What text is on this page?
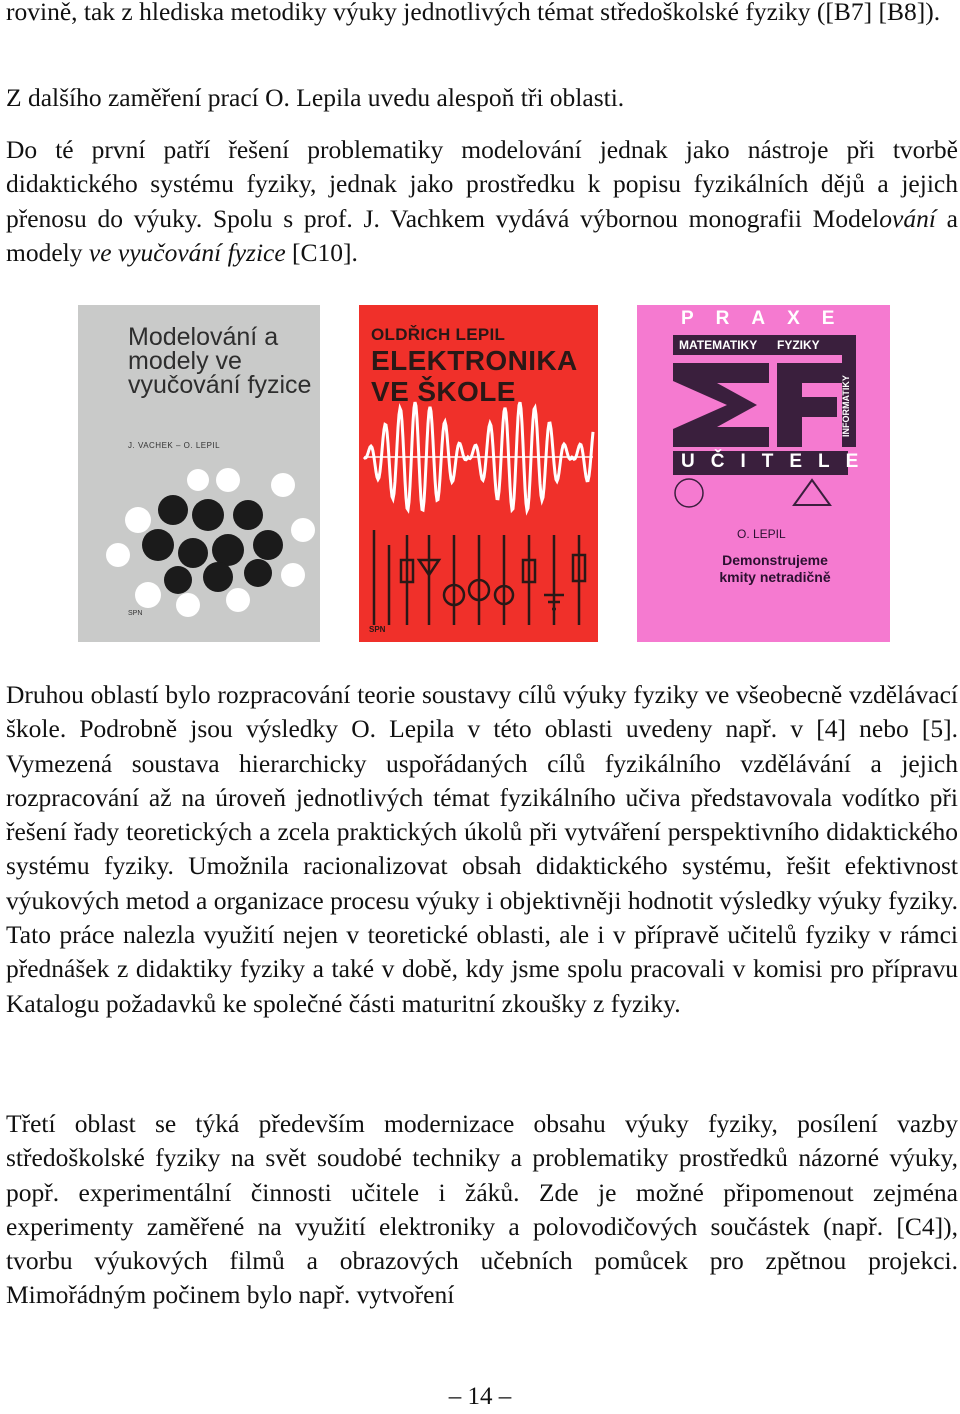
rovině, tak z hlediska metodiky výuky jednotlivých témat středoškolské fyziky ([B7] [B8]).

Z dalšího zaměření prací O. Lepila uvedu alespoň tři oblasti.

Do té první patří řešení problematiky modelování jednak jako nástroje při tvorbě didaktického systému fyziky, jednak jako prostředku k popisu fyzikálních dějů a jejich přenosu do výuky. Spolu s prof. J. Vachkem vydává výbornou monografii Modelování a modely ve vyučování fyzice [C10].

Druhou oblastí bylo rozpracování teorie soustavy cílů výuky fyziky ve všeobecně vzdělávací škole. Podrobně jsou výsledky O. Lepila v této oblasti uvedeny např. v [4] nebo [5]. Vymezená soustava hierarchicky uspořádaných cílů fyzikálního vzdělávání a jejich rozpracování až na úroveň jednotlivých témat fyzikálního učiva představovala vodítko při řešení řady teoretických a zcela praktických úkolů při vytváření perspektivního didaktického systému fyziky. Umožnila racionalizovat obsah didaktického systému, řešit efektivnost výukových metod a organizace procesu výuky i objektivněji hodnotit výsledky výuky fyziky. Tato práce nalezla využití nejen v teoretické oblasti, ale i v přípravě učitelů fyziky v rámci přednášek z didaktiky fyziky a také v době, kdy jsme spolu pracovali v komisi pro přípravu Katalogu požadavků ke společné části maturitní zkoušky z fyziky.

Třetí oblast se týká především modernizace obsahu výuky fyziky, posílení vazby středoškolské fyziky na svět soudobé techniky a problematiky prostředků názorné výuky, popř. experimentální činnosti učitele i žáků. Zde je možné připomenout zejména experimenty zaměřené na využití elektroniky a polovodičových součástek (např. [C4]), tvorbu výukových filmů a obrazových učebních pomůcek pro zpětnou projekci. Mimořádným počinem bylo např. vytvoření

Modelování a modely ve vyučování fyzice
J. VACHEK – O. LEPIL
SPN
OLDŘICH LEPIL
ELEKTRONIKA VE ŠKOLE
SPN
PRAXE
MATEMATIKY FYZIKY
INFORMATIKY
UČITELE
O. LEPIL
Demonstrujeme kmity netradičně
– 14 –
